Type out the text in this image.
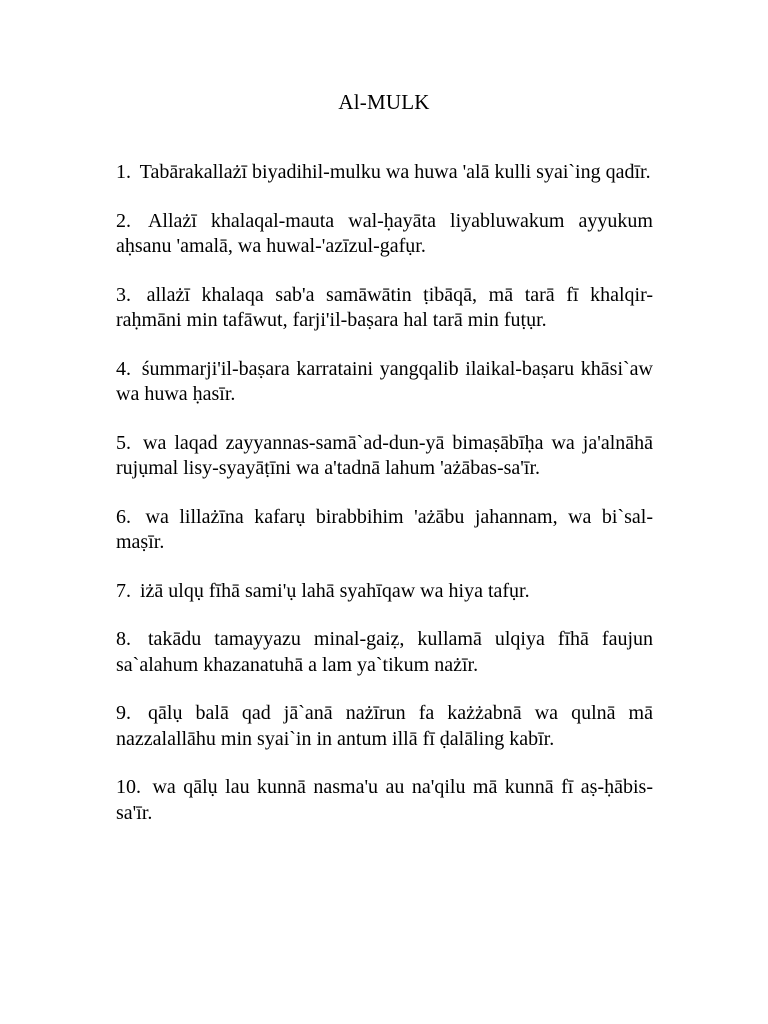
Al-MULK

1. Tabārakallażī biyadihil-mulku wa huwa 'alā kulli syai`ing qadīr.

2. Allażī khalaqal-mauta wal-ḥayāta liyabluwakum ayyukum aḥsanu 'amalā, wa huwal-'azīzul-gafụr.

3. allażī khalaqa sab'a samāwātin ṭibāqā, mā tarā fī khalqir-raḥmāni min tafāwut, farji'il-baṣara hal tarā min fuṭụr.

4. śummarji'il-baṣara karrataini yangqalib ilaikal-baṣaru khāsi`aw wa huwa ḥasīr.

5. wa laqad zayyannas-samā`ad-dun-yā bimaṣābīḥa wa ja'alnāhā rujụmal lisy-syayāṭīni wa a'tadnā lahum 'ażābas-sa'īr.

6. wa lillażīna kafarụ birabbihim 'ażābu jahannam, wa bi`sal-maṣīr.

7. iżā ulqụ fīhā sami'ụ lahā syahīqaw wa hiya tafụr.

8. takādu tamayyazu minal-gaiẓ, kullamā ulqiya fīhā faujun sa`alahum khazanatuhā a lam ya`tikum nażīr.

9. qālụ balā qad jā`anā nażīrun fa każżabnā wa qulnā mā nazzalallāhu min syai`in in antum illā fī ḍalāling kabīr.

10. wa qālụ lau kunnā nasma'u au na'qilu mā kunnā fī aṣ-ḥābis-sa'īr.
